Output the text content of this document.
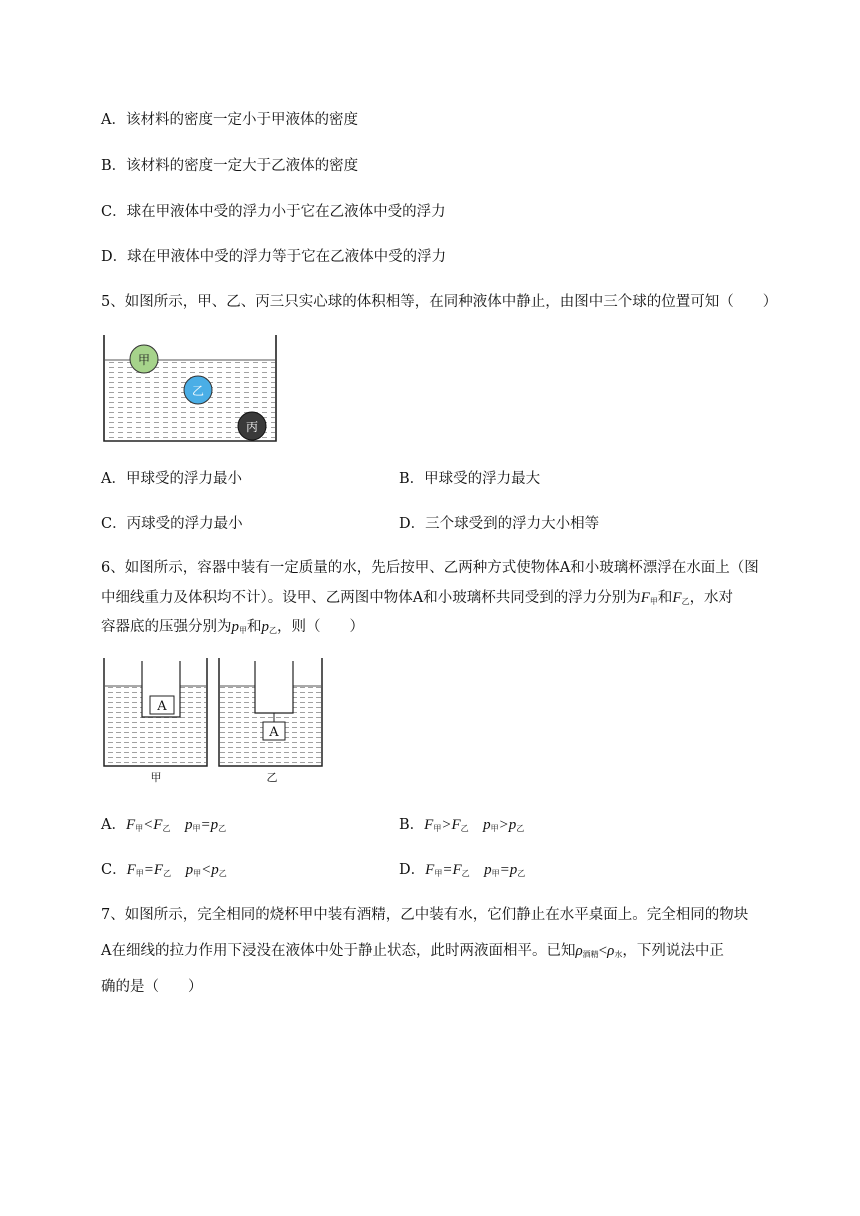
A．该材料的密度一定小于甲液体的密度
B．该材料的密度一定大于乙液体的密度
C．球在甲液体中受的浮力小于它在乙液体中受的浮力
D．球在甲液体中受的浮力等于它在乙液体中受的浮力
5、如图所示，甲、乙、丙三只实心球的体积相等，在同种液体中静止，由图中三个球的位置可知（　　）
甲
乙
丙
A．甲球受的浮力最小	B．甲球受的浮力最大
C．丙球受的浮力最小	D．三个球受到的浮力大小相等
6、如图所示，容器中装有一定质量的水，先后按甲、乙两种方式使物体A和小玻璃杯漂浮在水面上（图
中细线重力及体积均不计）。设甲、乙两图中物体A和小玻璃杯共同受到的浮力分别为$F_甲$和$F_乙$，水对
容器底的压强分别为$p_甲$和$p_乙$，则（　　）
A
甲
A
乙
A．$F_甲<F_乙$  $p_甲=p_乙$	B．$F_甲>F_乙$  $p_甲>p_乙$
C．$F_甲=F_乙$  $p_甲<p_乙$	D．$F_甲=F_乙$  $p_甲=p_乙$
7、如图所示，完全相同的烧杯甲中装有酒精，乙中装有水，它们静止在水平桌面上。完全相同的物块
A在细线的拉力作用下浸没在液体中处于静止状态，此时两液面相平。已知$\rho_{酒精}<\rho_水$，下列说法中正
确的是（　　）
